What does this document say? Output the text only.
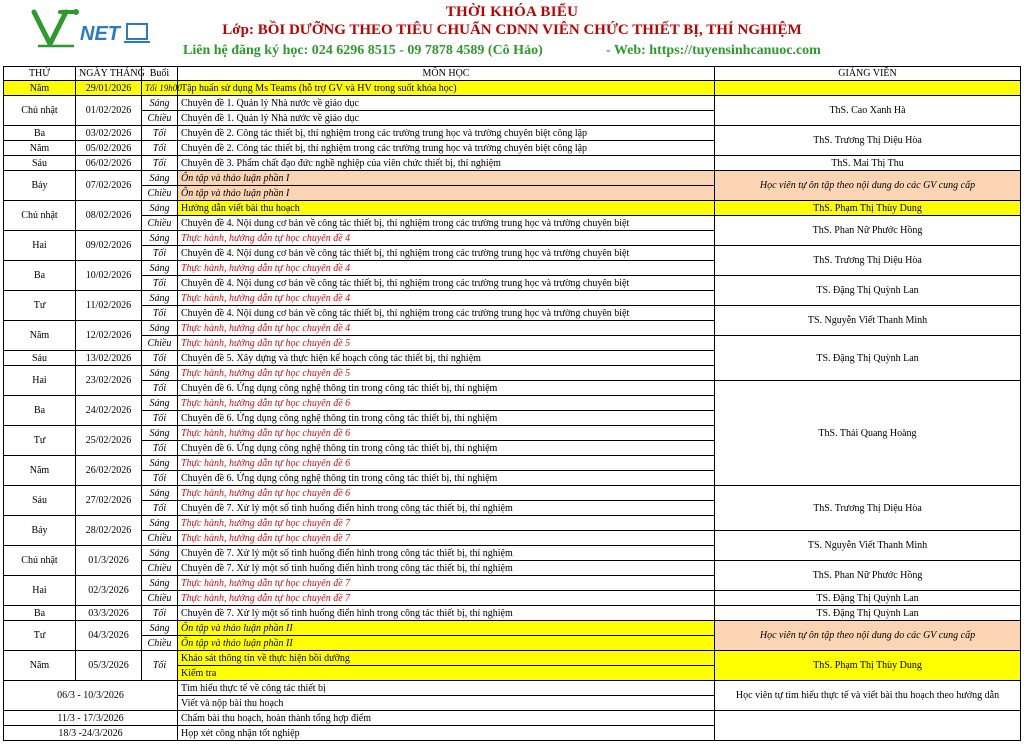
NET
THỜI KHÓA BIỂU
Lớp: BỒI DƯỠNG THEO TIÊU CHUẨN CDNN VIÊN CHỨC THIẾT BỊ, THÍ NGHIỆM
Liên hệ đăng ký học: 024 6296 8515 - 09 7878 4589 (Cô Hảo)	- Web: https://tuyensinhcanuoc.com
THỨ	NGÀY THÁNG	Buổi	MÔN HỌC	GIẢNG VIÊN
Năm	29/01/2026	Tối 19h00	Tập huấn sử dụng Ms Teams (hỗ trợ GV và HV trong suốt khóa học)	
Chủ nhật	01/02/2026	Sáng	Chuyên đề 1. Quản lý Nhà nước về giáo dục	ThS. Cao Xanh Hà
		Chiều	Chuyên đề 1. Quản lý Nhà nước về giáo dục	
Ba	03/02/2026	Tối	Chuyên đề 2. Công tác thiết bị, thí nghiệm trong các trường trung học và trường chuyên biệt công lập	ThS. Trương Thị Diệu Hòa
Năm	05/02/2026	Tối	Chuyên đề 2. Công tác thiết bị, thí nghiệm trong các trường trung học và trường chuyên biệt công lập	
Sáu	06/02/2026	Tối	Chuyên đề 3. Phẩm chất đạo đức nghề nghiệp của viên chức thiết bị, thí nghiệm	ThS. Mai Thị Thu
Bảy	07/02/2026	Sáng	Ôn tập và thảo luận phần I	Học viên tự ôn tập theo nội dung do các GV cung cấp
		Chiều	Ôn tập và thảo luận phần I	
Chủ nhật	08/02/2026	Sáng	Hướng dẫn viết bài thu hoạch	ThS. Phạm Thị Thùy Dung
		Chiều	Chuyên đề 4. Nội dung cơ bản về công tác thiết bị, thí nghiệm trong các trường trung học và trường chuyên biệt	ThS. Phan Nữ Phước Hồng
Hai	09/02/2026	Sáng	Thực hành, hướng dẫn tự học chuyên đề 4	
		Tối	Chuyên đề 4. Nội dung cơ bản về công tác thiết bị, thí nghiệm trong các trường trung học và trường chuyên biệt	ThS. Trương Thị Diệu Hòa
Ba	10/02/2026	Sáng	Thực hành, hướng dẫn tự học chuyên đề 4	
		Tối	Chuyên đề 4. Nội dung cơ bản về công tác thiết bị, thí nghiệm trong các trường trung học và trường chuyên biệt	TS. Đặng Thị Quỳnh Lan
Tư	11/02/2026	Sáng	Thực hành, hướng dẫn tự học chuyên đề 4	
		Tối	Chuyên đề 4. Nội dung cơ bản về công tác thiết bị, thí nghiệm trong các trường trung học và trường chuyên biệt	TS. Nguyễn Viết Thanh Minh
Năm	12/02/2026	Sáng	Thực hành, hướng dẫn tự học chuyên đề 4	
		Chiều	Thực hành, hướng dẫn tự học chuyên đề 5	TS. Đặng Thị Quỳnh Lan
Sáu	13/02/2026	Tối	Chuyên đề 5. Xây dựng và thực hiện kế hoạch công tác thiết bị, thí nghiệm	
Hai	23/02/2026	Sáng	Thực hành, hướng dẫn tự học chuyên đề 5	
		Tối	Chuyên đề 6. Ứng dụng công nghệ thông tin trong công tác thiết bị, thí nghiệm	ThS. Thái Quang Hoàng
Ba	24/02/2026	Sáng	Thực hành, hướng dẫn tự học chuyên đề 6	
		Tối	Chuyên đề 6. Ứng dụng công nghệ thông tin trong công tác thiết bị, thí nghiệm	
Tư	25/02/2026	Sáng	Thực hành, hướng dẫn tự học chuyên đề 6	
		Tối	Chuyên đề 6. Ứng dụng công nghệ thông tin trong công tác thiết bị, thí nghiệm	
Năm	26/02/2026	Sáng	Thực hành, hướng dẫn tự học chuyên đề 6	
		Tối	Chuyên đề 6. Ứng dụng công nghệ thông tin trong công tác thiết bị, thí nghiệm	
Sáu	27/02/2026	Sáng	Thực hành, hướng dẫn tự học chuyên đề 6	ThS. Trương Thị Diệu Hòa
		Tối	Chuyên đề 7. Xử lý một số tình huống điển hình trong công tác thiết bị, thí nghiệm	
Bảy	28/02/2026	Sáng	Thực hành, hướng dẫn tự học chuyên đề 7	
		Chiều	Thực hành, hướng dẫn tự học chuyên đề 7	TS. Nguyễn Viết Thanh Minh
Chủ nhật	01/3/2026	Sáng	Chuyên đề 7. Xử lý một số tình huống điển hình trong công tác thiết bị, thí nghiệm	
		Chiều	Chuyên đề 7. Xử lý một số tình huống điển hình trong công tác thiết bị, thí nghiệm	ThS. Phan Nữ Phước Hồng
Hai	02/3/2026	Sáng	Thực hành, hướng dẫn tự học chuyên đề 7	
		Chiều	Thực hành, hướng dẫn tự học chuyên đề 7	TS. Đặng Thị Quỳnh Lan
Ba	03/3/2026	Tối	Chuyên đề 7. Xử lý một số tình huống điển hình trong công tác thiết bị, thí nghiệm	TS. Đặng Thị Quỳnh Lan
Tư	04/3/2026	Sáng	Ôn tập và thảo luận phần II	Học viên tự ôn tập theo nội dung do các GV cung cấp
		Chiều	Ôn tập và thảo luận phần II	
Năm	05/3/2026	Tối	Khảo sát thông tin về thực hiện bồi dưỡng	ThS. Phạm Thị Thùy Dung
			Kiểm tra	
06/3 - 10/3/2026			Tìm hiểu thực tế về công tác thiết bị	Học viên tự tìm hiểu thực tế và viết bài thu hoạch theo hướng dẫn
			Viết và nộp bài thu hoạch	
11/3 - 17/3/2026			Chấm bài thu hoạch, hoàn thành tổng hợp điểm	
18/3 -24/3/2026			Họp xét công nhận tốt nghiệp	
